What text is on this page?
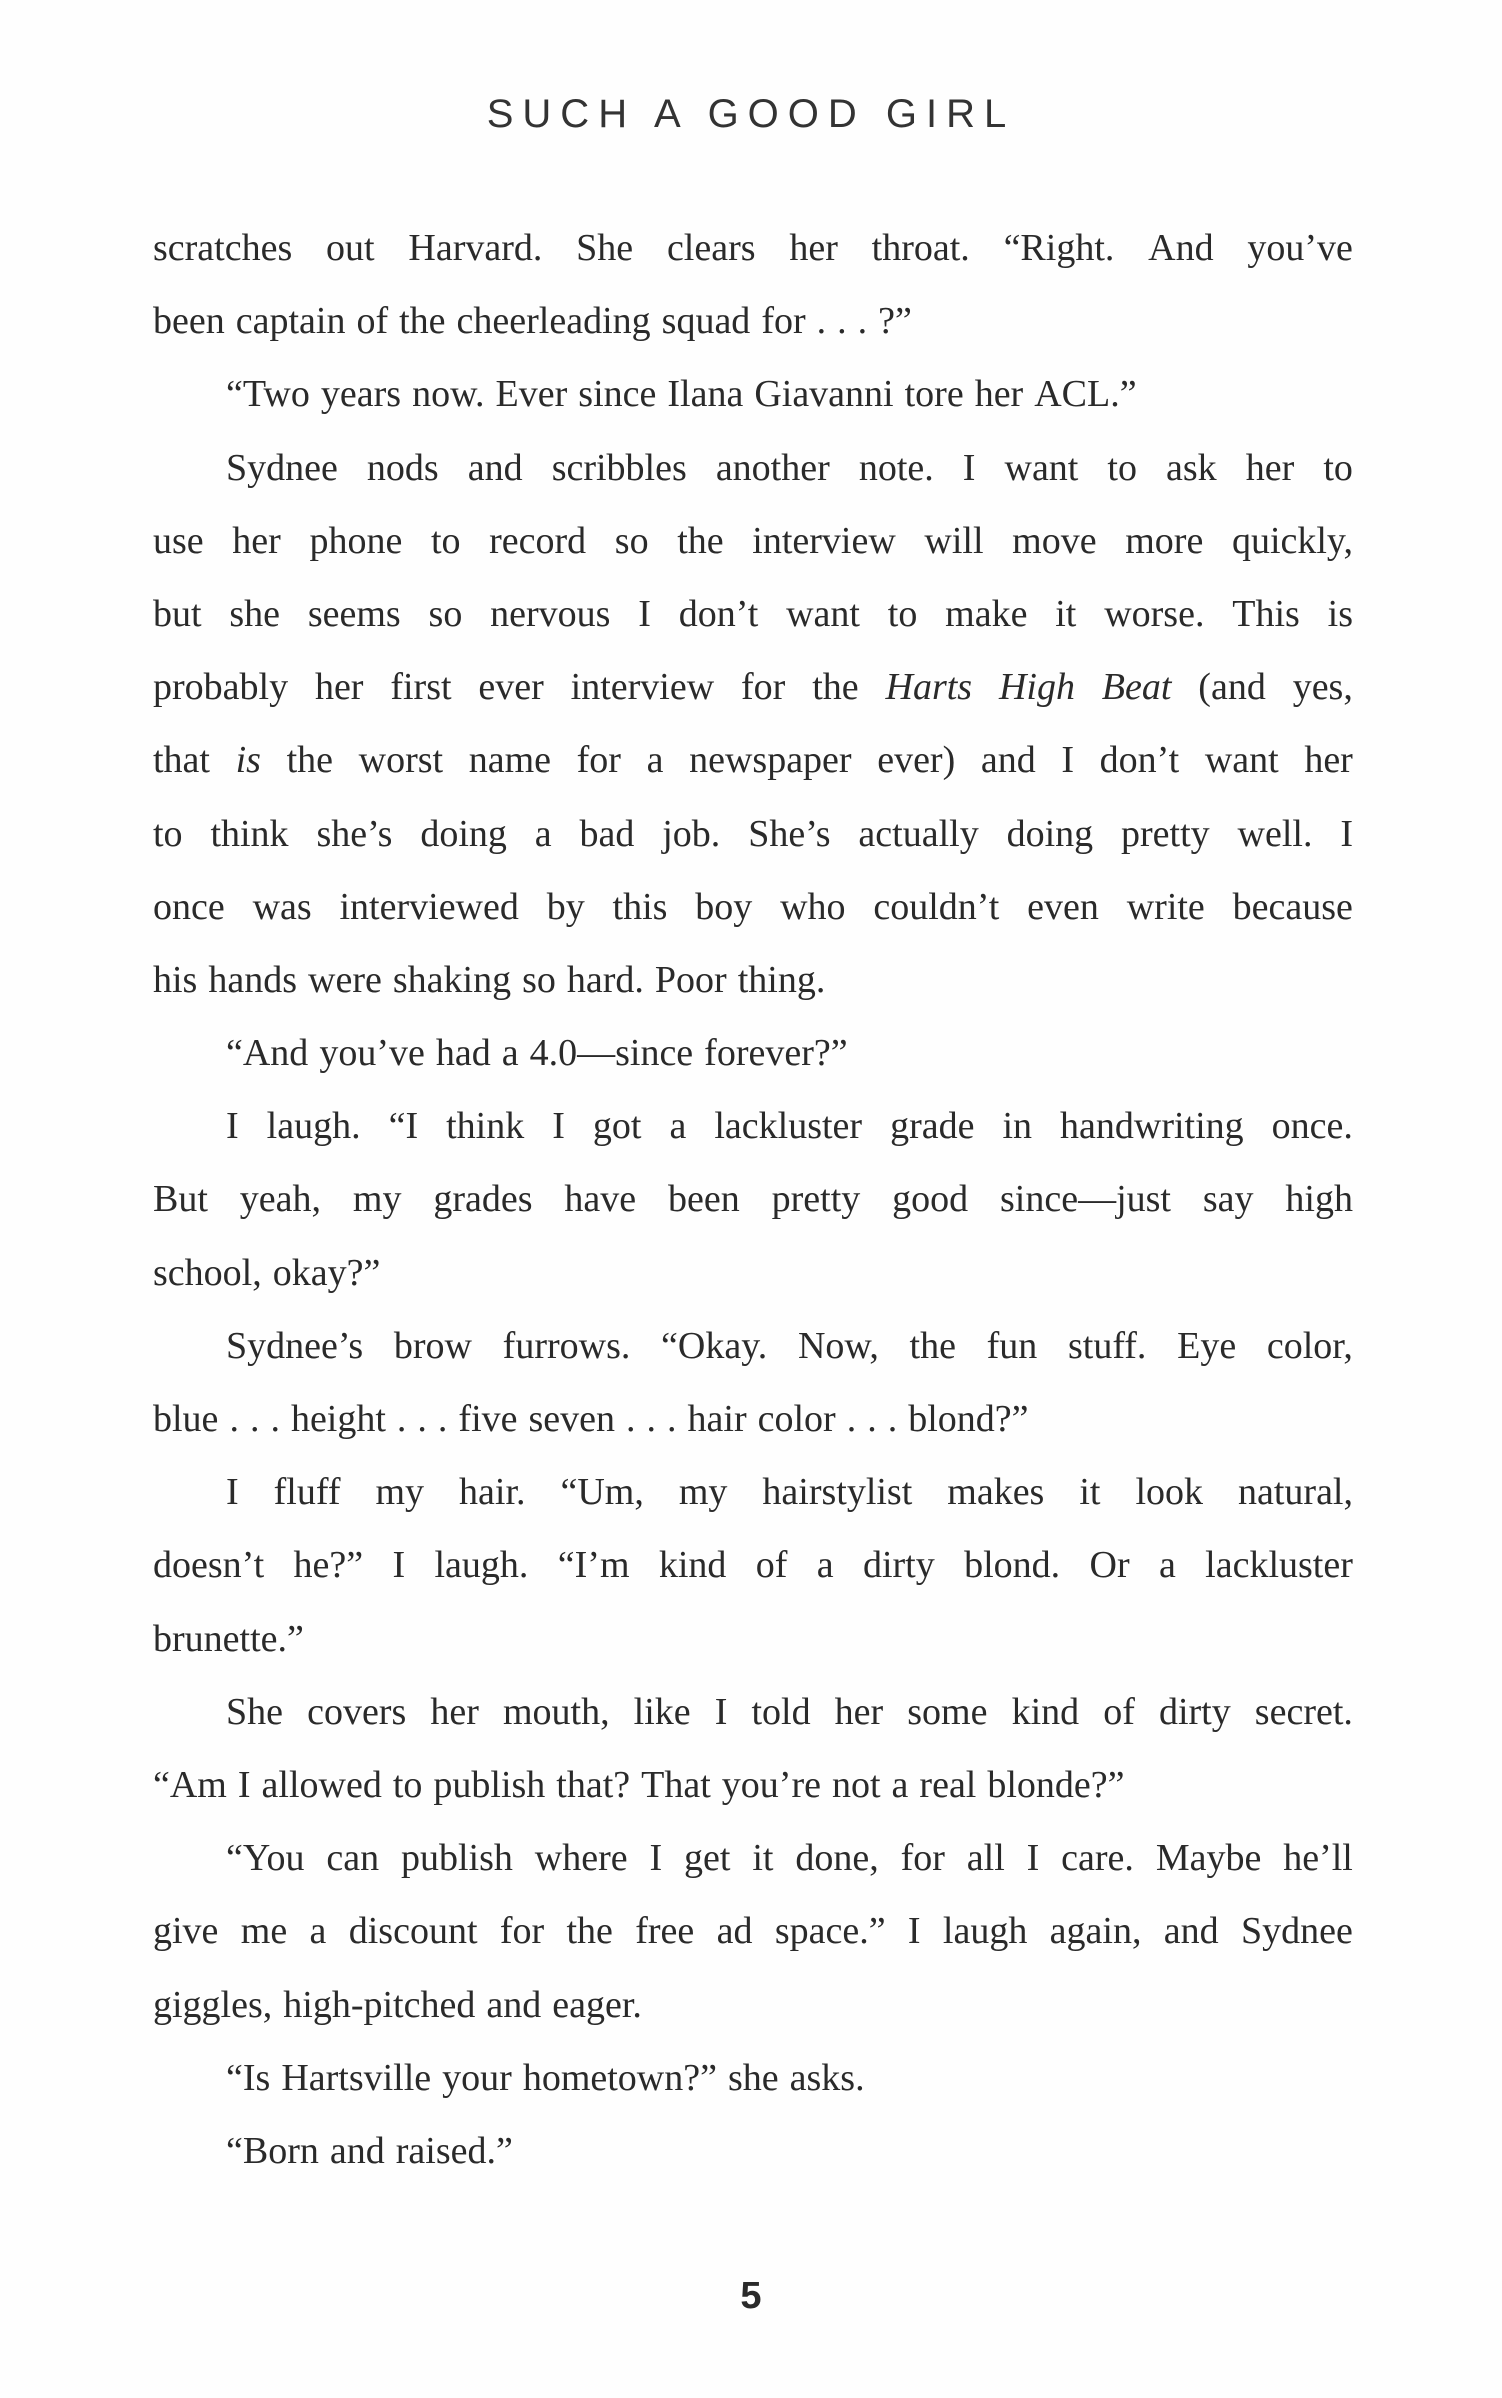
SUCH A GOOD GIRL
scratches out Harvard. She clears her throat. “Right. And you’ve
been captain of the cheerleading squad for . . . ?”
“Two years now. Ever since Ilana Giavanni tore her ACL.”
Sydnee nods and scribbles another note. I want to ask her to
use her phone to record so the interview will move more quickly,
but she seems so nervous I don’t want to make it worse. This is
probably her first ever interview for the Harts High Beat (and yes,
that is the worst name for a newspaper ever) and I don’t want her
to think she’s doing a bad job. She’s actually doing pretty well. I
once was interviewed by this boy who couldn’t even write because
his hands were shaking so hard. Poor thing.
“And you’ve had a 4.0—since forever?”
I laugh. “I think I got a lackluster grade in handwriting once.
But yeah, my grades have been pretty good since—just say high
school, okay?”
Sydnee’s brow furrows. “Okay. Now, the fun stuff. Eye color,
blue . . . height . . . five seven . . . hair color . . . blond?”
I fluff my hair. “Um, my hairstylist makes it look natural,
doesn’t he?” I laugh. “I’m kind of a dirty blond. Or a lackluster
brunette.”
She covers her mouth, like I told her some kind of dirty secret.
“Am I allowed to publish that? That you’re not a real blonde?”
“You can publish where I get it done, for all I care. Maybe he’ll
give me a discount for the free ad space.” I laugh again, and Sydnee
giggles, high-pitched and eager.
“Is Hartsville your hometown?” she asks.
“Born and raised.”
5
